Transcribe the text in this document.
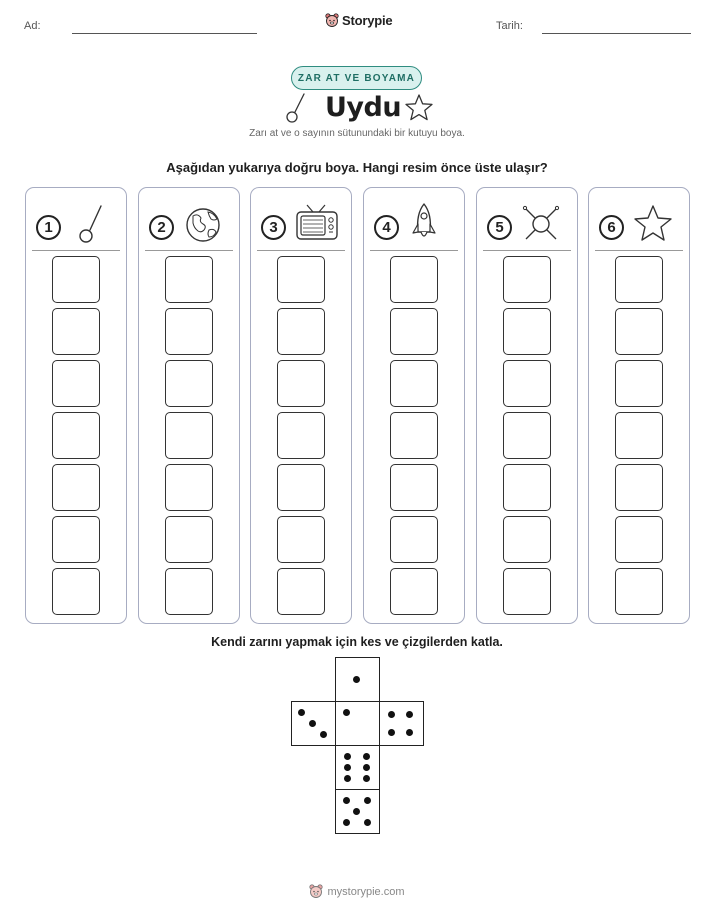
Ad:	Storypie	Tarih:
ZAR AT VE BOYAMA
Uydu
Zarı at ve o sayının sütunundaki bir kutuyu boya.
Aşağıdan yukarıya doğru boya. Hangi resim önce üste ulaşır?
1	2	3	4	5	6
Kendi zarını yapmak için kes ve çizgilerden katla.
mystorypie.com
